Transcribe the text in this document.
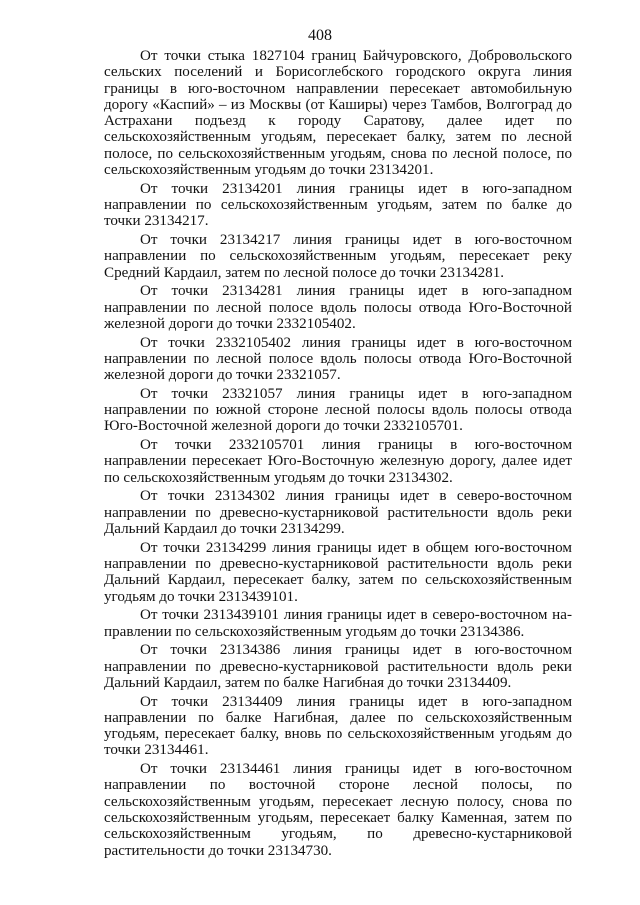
408

От точки стыка 1827104 границ Байчуровского, Добровольского сельских поселений и Борисоглебского городского округа линия границы в юго-восточном направлении пересекает автомобильную дорогу «Каспий» – из Москвы (от Каширы) через Тамбов, Волгоград до Астрахани подъезд к городу Саратову, далее идет по сельскохозяйственным угодьям, пересекает балку, затем по лесной полосе, по сельскохозяйственным угодьям, снова по лесной полосе, по сельскохозяйственным угодьям до точки 23134201.

От точки 23134201 линия границы идет в юго-западном направлении по сельскохозяйственным угодьям, затем по балке до точки 23134217.

От точки 23134217 линия границы идет в юго-восточном направлении по сельскохозяйственным угодьям, пересекает реку Средний Кардаил, затем по лесной полосе до точки 23134281.

От точки 23134281 линия границы идет в юго-западном направлении по лесной полосе вдоль полосы отвода Юго-Восточной железной дороги до точки 2332105402.

От точки 2332105402 линия границы идет в юго-восточном направлении по лесной полосе вдоль полосы отвода Юго-Восточной железной дороги до точки 23321057.

От точки 23321057 линия границы идет в юго-западном направлении по южной стороне лесной полосы вдоль полосы отвода Юго-Восточной железной дороги до точки 2332105701.

От точки 2332105701 линия границы в юго-восточном направлении пересекает Юго-Восточную железную дорогу, далее идет по сельскохозяйственным угодьям до точки 23134302.

От точки 23134302 линия границы идет в северо-восточном направлении по древесно-кустарниковой растительности вдоль реки Дальний Кардаил до точки 23134299.

От точки 23134299 линия границы идет в общем юго-восточном направлении по древесно-кустарниковой растительности вдоль реки Дальний Кардаил, пересекает балку, затем по сельскохозяйственным угодьям до точки 2313439101.

От точки 2313439101 линия границы идет в северо-восточном направлении по сельскохозяйственным угодьям до точки 23134386.

От точки 23134386 линия границы идет в юго-восточном направлении по древесно-кустарниковой растительности вдоль реки Дальний Кардаил, затем по балке Нагибная до точки 23134409.

От точки 23134409 линия границы идет в юго-западном направлении по балке Нагибная, далее по сельскохозяйственным угодьям, пересекает балку, вновь по сельскохозяйственным угодьям до точки 23134461.

От точки 23134461 линия границы идет в юго-восточном направлении по восточной стороне лесной полосы, по сельскохозяйственным угодьям, пересекает лесную полосу, снова по сельскохозяйственным угодьям, пересекает балку Каменная, затем по сельскохозяйственным угодьям, по древесно-кустарниковой растительности до точки 23134730.
